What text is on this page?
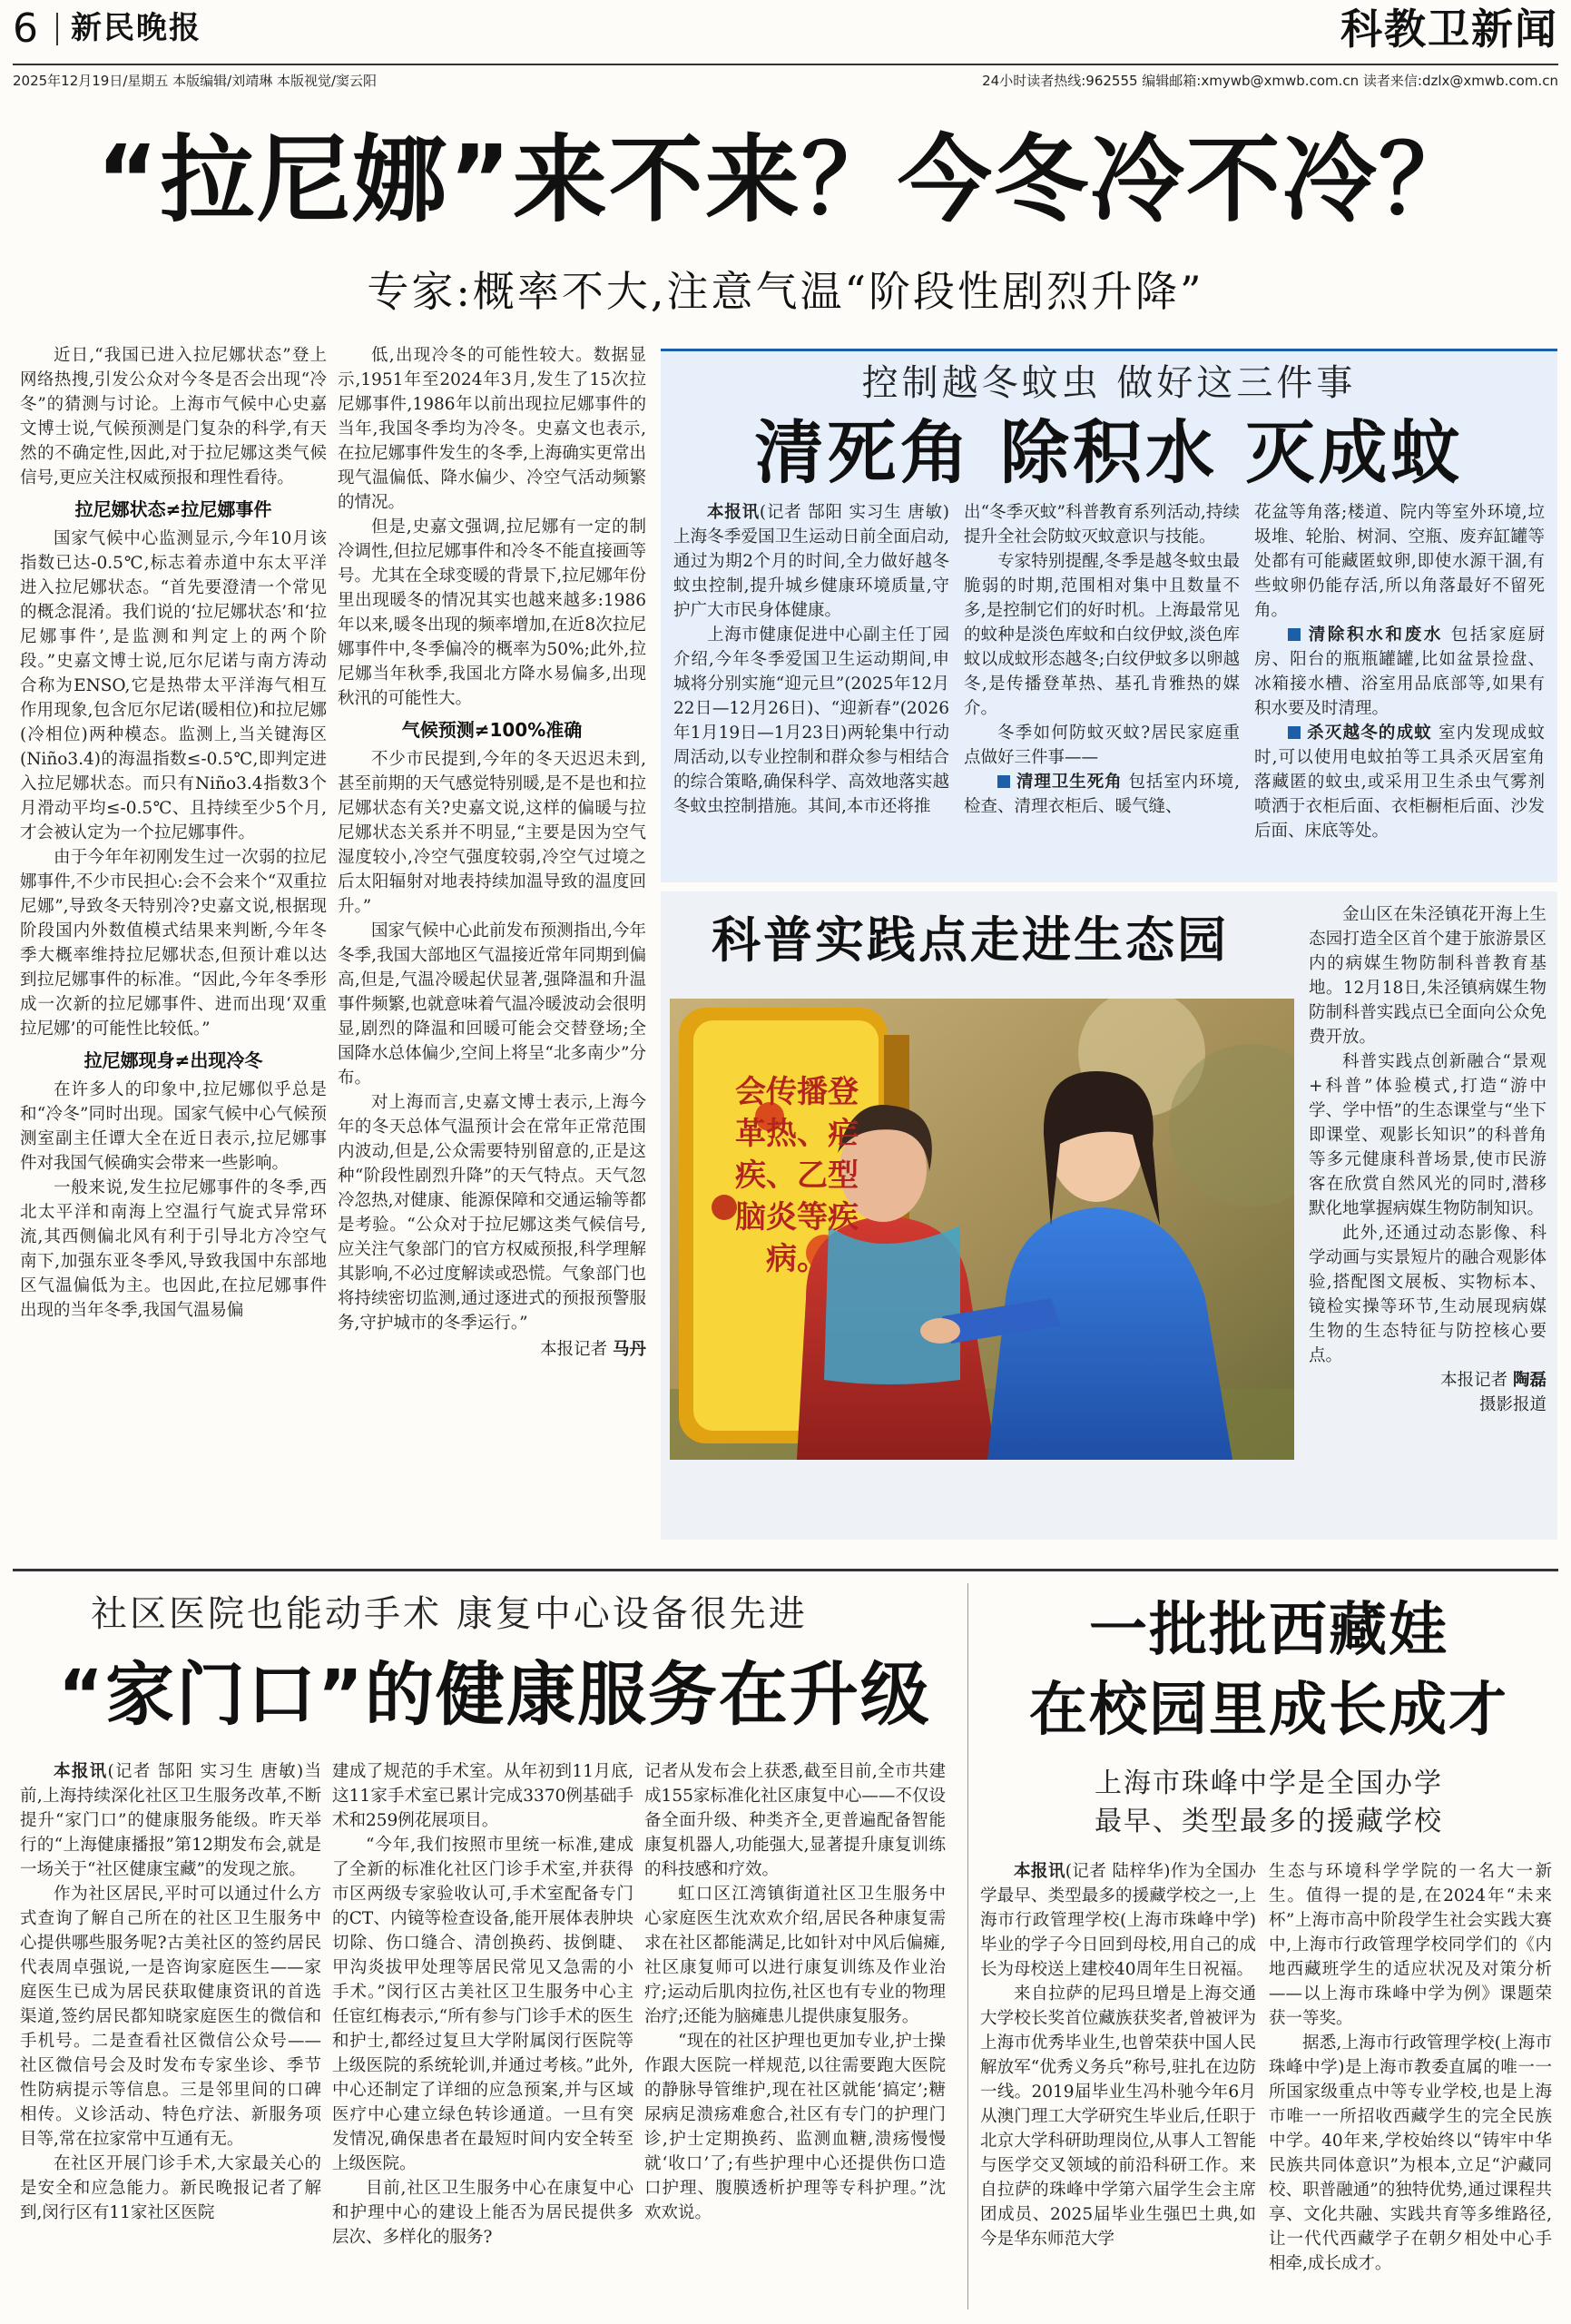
6 新民晚报	科教卫新闻
2025年12月19日/星期五 本版编辑/刘靖琳 本版视觉/窦云阳	24小时读者热线:962555 编辑邮箱:xmywb@xmwb.com.cn 读者来信:dzlx@xmwb.com.cn
“拉尼娜”来不来？今冬冷不冷？
专家:概率不大,注意气温“阶段性剧烈升降”

近日,“我国已进入拉尼娜状态”登上网络热搜,引发公众对今冬是否会出现“冷冬”的猜测与讨论。上海市气候中心史嘉文博士说,气候预测是门复杂的科学,有天然的不确定性,因此,对于拉尼娜这类气候信号,更应关注权威预报和理性看待。

拉尼娜状态≠拉尼娜事件

国家气候中心监测显示,今年10月该指数已达-0.5℃,标志着赤道中东太平洋进入拉尼娜状态。“首先要澄清一个常见的概念混淆。我们说的‘拉尼娜状态’和‘拉尼娜事件’,是监测和判定上的两个阶段。”史嘉文博士说,厄尔尼诺与南方涛动合称为ENSO,它是热带太平洋海气相互作用现象,包含厄尔尼诺(暖相位)和拉尼娜(冷相位)两种模态。监测上,当关键海区(Niño3.4)的海温指数≤-0.5℃,即判定进入拉尼娜状态。而只有Niño3.4指数3个月滑动平均≤-0.5℃、且持续至少5个月,才会被认定为一个拉尼娜事件。

由于今年年初刚发生过一次弱的拉尼娜事件,不少市民担心:会不会来个“双重拉尼娜”,导致冬天特别冷?史嘉文说,根据现阶段国内外数值模式结果来判断,今年冬季大概率维持拉尼娜状态,但预计难以达到拉尼娜事件的标准。“因此,今年冬季形成一次新的拉尼娜事件、进而出现‘双重拉尼娜’的可能性比较低。”

拉尼娜现身≠出现冷冬

在许多人的印象中,拉尼娜似乎总是和“冷冬”同时出现。国家气候中心气候预测室副主任谭大全在近日表示,拉尼娜事件对我国气候确实会带来一些影响。

一般来说,发生拉尼娜事件的冬季,西北太平洋和南海上空温行气旋式异常环流,其西侧偏北风有利于引导北方冷空气南下,加强东亚冬季风,导致我国中东部地区气温偏低为主。也因此,在拉尼娜事件出现的当年冬季,我国气温易偏

低,出现冷冬的可能性较大。数据显示,1951年至2024年3月,发生了15次拉尼娜事件,1986年以前出现拉尼娜事件的当年,我国冬季均为冷冬。史嘉文也表示,在拉尼娜事件发生的冬季,上海确实更常出现气温偏低、降水偏少、冷空气活动频繁的情况。

但是,史嘉文强调,拉尼娜有一定的制冷调性,但拉尼娜事件和冷冬不能直接画等号。尤其在全球变暖的背景下,拉尼娜年份里出现暖冬的情况其实也越来越多:1986年以来,暖冬出现的频率增加,在近8次拉尼娜事件中,冬季偏冷的概率为50%;此外,拉尼娜当年秋季,我国北方降水易偏多,出现秋汛的可能性大。

气候预测≠100%准确

不少市民提到,今年的冬天迟迟未到,甚至前期的天气感觉特别暖,是不是也和拉尼娜状态有关?史嘉文说,这样的偏暖与拉尼娜状态关系并不明显,“主要是因为空气湿度较小,冷空气强度较弱,冷空气过境之后太阳辐射对地表持续加温导致的温度回升。”

国家气候中心此前发布预测指出,今年冬季,我国大部地区气温接近常年同期到偏高,但是,气温冷暖起伏显著,强降温和升温事件频繁,也就意味着气温冷暖波动会很明显,剧烈的降温和回暖可能会交替登场;全国降水总体偏少,空间上将呈“北多南少”分布。

对上海而言,史嘉文博士表示,上海今年的冬天总体气温预计会在常年正常范围内波动,但是,公众需要特别留意的,正是这种“阶段性剧烈升降”的天气特点。天气忽冷忽热,对健康、能源保障和交通运输等都是考验。“公众对于拉尼娜这类气候信号,应关注气象部门的官方权威预报,科学理解其影响,不必过度解读或恐慌。气象部门也将持续密切监测,通过逐进式的预报预警服务,守护城市的冬季运行。”

本报记者 马丹
控制越冬蚊虫 做好这三件事
清死角 除积水 灭成蚊

本报讯(记者 郜阳 实习生 唐敏)上海冬季爱国卫生运动日前全面启动,通过为期2个月的时间,全力做好越冬蚊虫控制,提升城乡健康环境质量,守护广大市民身体健康。

上海市健康促进中心副主任丁园介绍,今年冬季爱国卫生运动期间,申城将分别实施“迎元旦”(2025年12月22日—12月26日)、“迎新春”(2026年1月19日—1月23日)两轮集中行动周活动,以专业控制和群众参与相结合的综合策略,确保科学、高效地落实越冬蚊虫控制措施。其间,本市还将推

出“冬季灭蚊”科普教育系列活动,持续提升全社会防蚊灭蚊意识与技能。

专家特别提醒,冬季是越冬蚊虫最脆弱的时期,范围相对集中且数量不多,是控制它们的好时机。上海最常见的蚊种是淡色库蚊和白纹伊蚊,淡色库蚊以成蚊形态越冬;白纹伊蚊多以卵越冬,是传播登革热、基孔肯雅热的媒介。

冬季如何防蚊灭蚊?居民家庭重点做好三件事——

清理卫生死角 包括室内环境,检查、清理衣柜后、暖气缝、

花盆等角落;楼道、院内等室外环境,垃圾堆、轮胎、树洞、空瓶、废弃缸罐等处都有可能藏匿蚊卵,即使水源干涸,有些蚊卵仍能存活,所以角落最好不留死角。

清除积水和废水 包括家庭厨房、阳台的瓶瓶罐罐,比如盆景捡盘、冰箱接水槽、浴室用品底部等,如果有积水要及时清理。

杀灭越冬的成蚊 室内发现成蚊时,可以使用电蚊拍等工具杀灭居室角落藏匿的蚊虫,或采用卫生杀虫气雾剂喷洒于衣柜后面、衣柜橱柜后面、沙发后面、床底等处。

科普实践点走进生态园
会传播登革热、疟疾、乙型脑炎等疾病。

金山区在朱泾镇花开海上生态园打造全区首个建于旅游景区内的病媒生物防制科普教育基地。12月18日,朱泾镇病媒生物防制科普实践点已全面向公众免费开放。

科普实践点创新融合“景观+科普”体验模式,打造“游中学、学中悟”的生态课堂与“坐下即课堂、观影长知识”的科普角等多元健康科普场景,使市民游客在欣赏自然风光的同时,潜移默化地掌握病媒生物防制知识。

此外,还通过动态影像、科学动画与实景短片的融合观影体验,搭配图文展板、实物标本、镜检实操等环节,生动展现病媒生物的生态特征与防控核心要点。

本报记者 陶磊
摄影报道
社区医院也能动手术 康复中心设备很先进
“家门口”的健康服务在升级

本报讯(记者 郜阳 实习生 唐敏)当前,上海持续深化社区卫生服务改革,不断提升“家门口”的健康服务能级。昨天举行的“上海健康播报”第12期发布会,就是一场关于“社区健康宝藏”的发现之旅。

作为社区居民,平时可以通过什么方式查询了解自己所在的社区卫生服务中心提供哪些服务呢?古美社区的签约居民代表周卓强说,一是咨询家庭医生——家庭医生已成为居民获取健康资讯的首选渠道,签约居民都知晓家庭医生的微信和手机号。二是查看社区微信公众号——社区微信号会及时发布专家坐诊、季节性防病提示等信息。三是邻里间的口碑相传。义诊活动、特色疗法、新服务项目等,常在拉家常中互通有无。

在社区开展门诊手术,大家最关心的是安全和应急能力。新民晚报记者了解到,闵行区有11家社区医院

建成了规范的手术室。从年初到11月底,这11家手术室已累计完成3370例基础手术和259例花展项目。

“今年,我们按照市里统一标准,建成了全新的标准化社区门诊手术室,并获得市区两级专家验收认可,手术室配备专门的CT、内镜等检查设备,能开展体表肿块切除、伤口缝合、清创换药、拔倒睫、甲沟炎拔甲处理等居民常见又急需的小手术。”闵行区古美社区卫生服务中心主任宦红梅表示,“所有参与门诊手术的医生和护士,都经过复旦大学附属闵行医院等上级医院的系统轮训,并通过考核。”此外,中心还制定了详细的应急预案,并与区域医疗中心建立绿色转诊通道。一旦有突发情况,确保患者在最短时间内安全转至上级医院。

目前,社区卫生服务中心在康复中心和护理中心的建设上能否为居民提供多层次、多样化的服务?

记者从发布会上获悉,截至目前,全市共建成155家标准化社区康复中心——不仅设备全面升级、种类齐全,更普遍配备智能康复机器人,功能强大,显著提升康复训练的科技感和疗效。

虹口区江湾镇街道社区卫生服务中心家庭医生沈欢欢介绍,居民各种康复需求在社区都能满足,比如针对中风后偏瘫,社区康复师可以进行康复训练及作业治疗;运动后肌肉拉伤,社区也有专业的物理治疗;还能为脑瘫患儿提供康复服务。

“现在的社区护理也更加专业,护士操作跟大医院一样规范,以往需要跑大医院的静脉导管维护,现在社区就能‘搞定’;糖尿病足溃疡难愈合,社区有专门的护理门诊,护士定期换药、监测血糖,溃疡慢慢就‘收口’了;有些护理中心还提供伤口造口护理、腹膜透析护理等专科护理。”沈欢欢说。

一批批西藏娃
在校园里成长成才
上海市珠峰中学是全国办学
最早、类型最多的援藏学校

本报讯(记者 陆梓华)作为全国办学最早、类型最多的援藏学校之一,上海市行政管理学校(上海市珠峰中学)毕业的学子今日回到母校,用自己的成长为母校送上建校40周年生日祝福。

来自拉萨的尼玛旦增是上海交通大学校长奖首位藏族获奖者,曾被评为上海市优秀毕业生,也曾荣获中国人民解放军“优秀义务兵”称号,驻扎在边防一线。2019届毕业生冯朴驰今年6月从澳门理工大学研究生毕业后,任职于北京大学科研助理岗位,从事人工智能与医学交叉领域的前沿科研工作。来自拉萨的珠峰中学第六届学生会主席团成员、2025届毕业生强巴土典,如今是华东师范大学

生态与环境科学学院的一名大一新生。值得一提的是,在2024年“未来杯”上海市高中阶段学生社会实践大赛中,上海市行政管理学校同学们的《内地西藏班学生的适应状况及对策分析——以上海市珠峰中学为例》课题荣获一等奖。

据悉,上海市行政管理学校(上海市珠峰中学)是上海市教委直属的唯一一所国家级重点中等专业学校,也是上海市唯一一所招收西藏学生的完全民族中学。40年来,学校始终以“铸牢中华民族共同体意识”为根本,立足“沪藏同校、职普融通”的独特优势,通过课程共享、文化共融、实践共育等多维路径,让一代代西藏学子在朝夕相处中心手相牵,成长成才。
